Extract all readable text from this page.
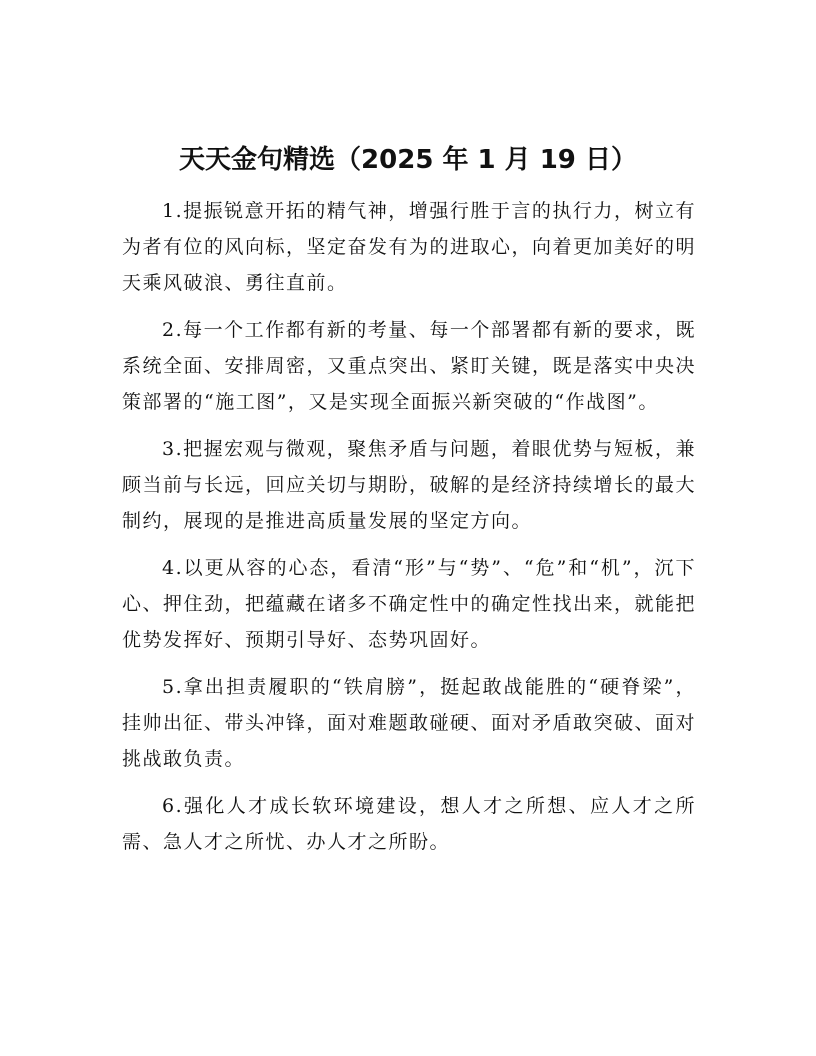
天天金句精选（2025 年 1 月 19 日）

1.提振锐意开拓的精气神，增强行胜于言的执行力，树立有为者有位的风向标，坚定奋发有为的进取心，向着更加美好的明天乘风破浪、勇往直前。

2.每一个工作都有新的考量、每一个部署都有新的要求，既系统全面、安排周密，又重点突出、紧盯关键，既是落实中央决策部署的“施工图”，又是实现全面振兴新突破的“作战图”。

3.把握宏观与微观，聚焦矛盾与问题，着眼优势与短板，兼顾当前与长远，回应关切与期盼，破解的是经济持续增长的最大制约，展现的是推进高质量发展的坚定方向。

4.以更从容的心态，看清“形”与“势”、“危”和“机”，沉下心、押住劲，把蕴藏在诸多不确定性中的确定性找出来，就能把优势发挥好、预期引导好、态势巩固好。

5.拿出担责履职的“铁肩膀”，挺起敢战能胜的“硬脊梁”，挂帅出征、带头冲锋，面对难题敢碰硬、面对矛盾敢突破、面对挑战敢负责。

6.强化人才成长软环境建设，想人才之所想、应人才之所需、急人才之所忧、办人才之所盼。
